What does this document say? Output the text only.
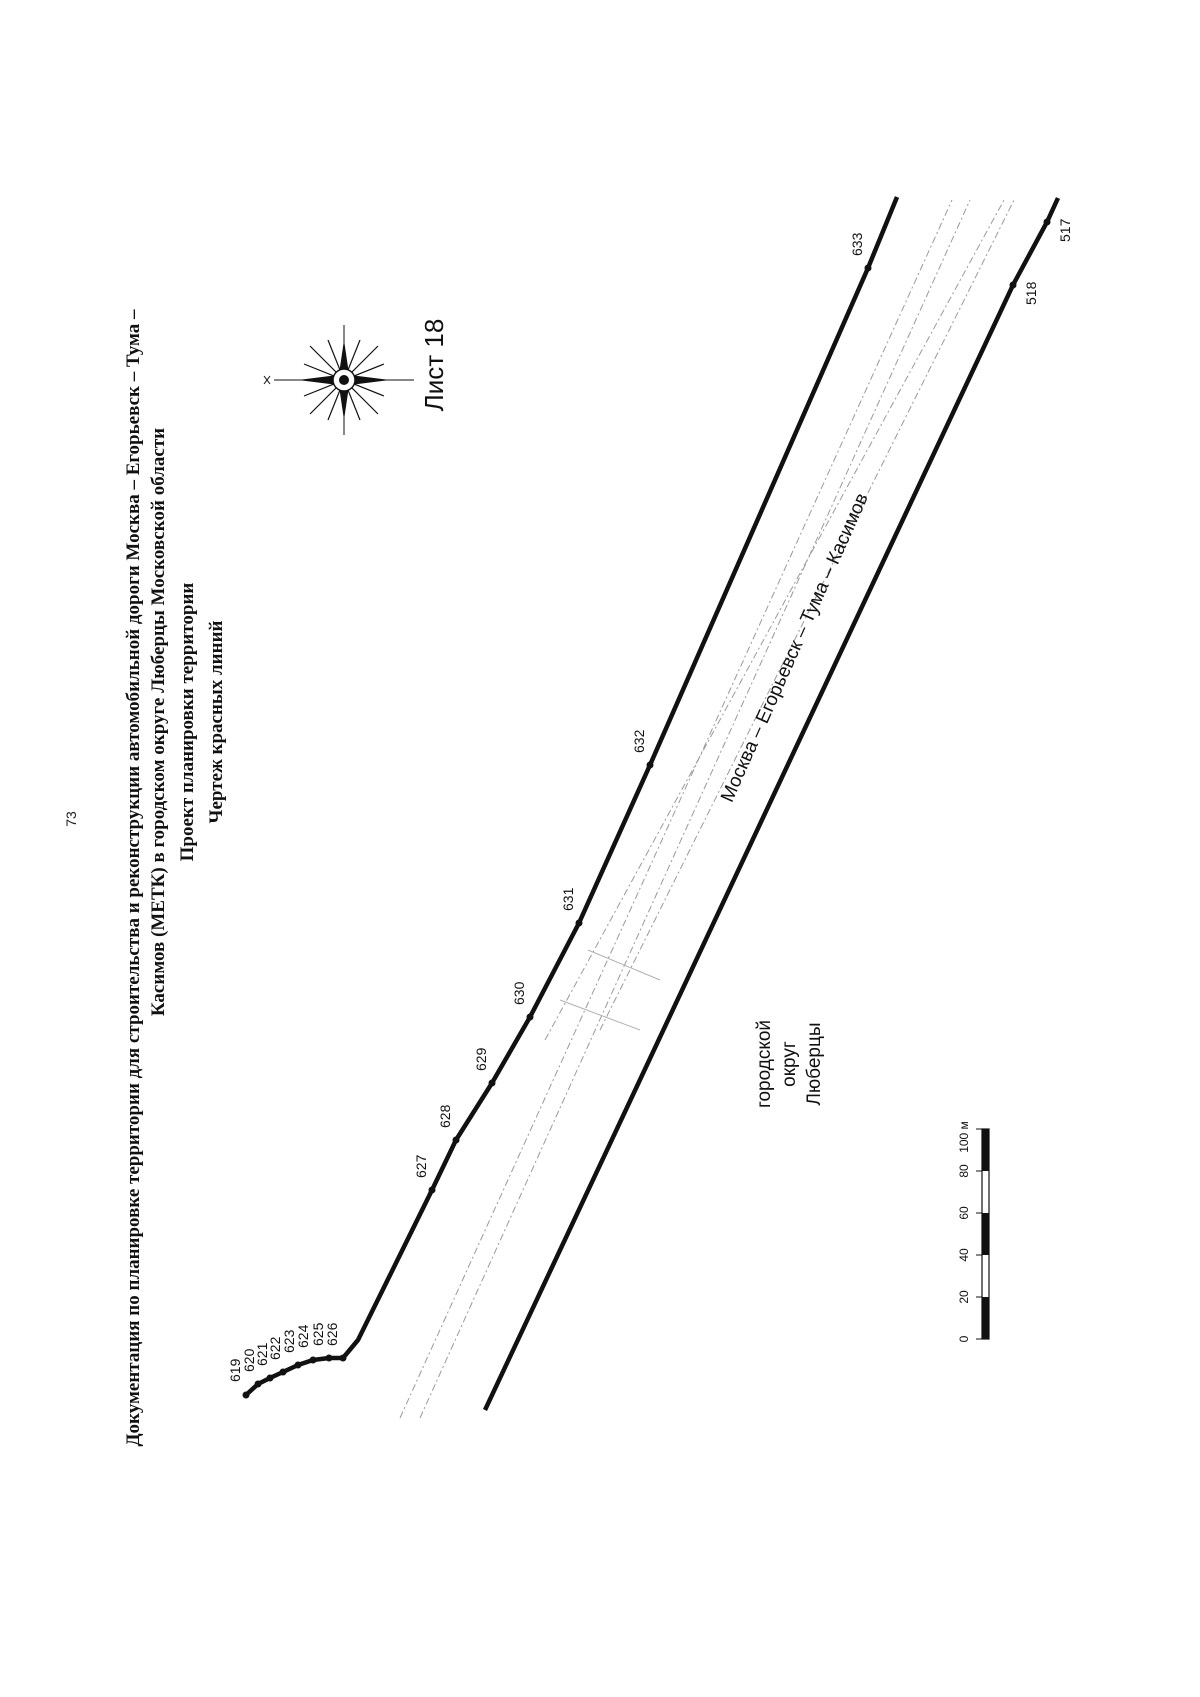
73 Документация по планировке территории для строительства и реконструкции автомобильной дороги Москва – Егорьевск – Тума – Касимов (МЕТК) в городском округе Люберцы Московской области Проект планировки территории Чертеж красных линий
Лист 18
619
620
621
622
623
624 625
626
627
628
629
630
631
632
633
518
517
Москва – Егорьевск – Тума – Касимов
городской округ Люберцы
0
20
40
60
80
100 м
